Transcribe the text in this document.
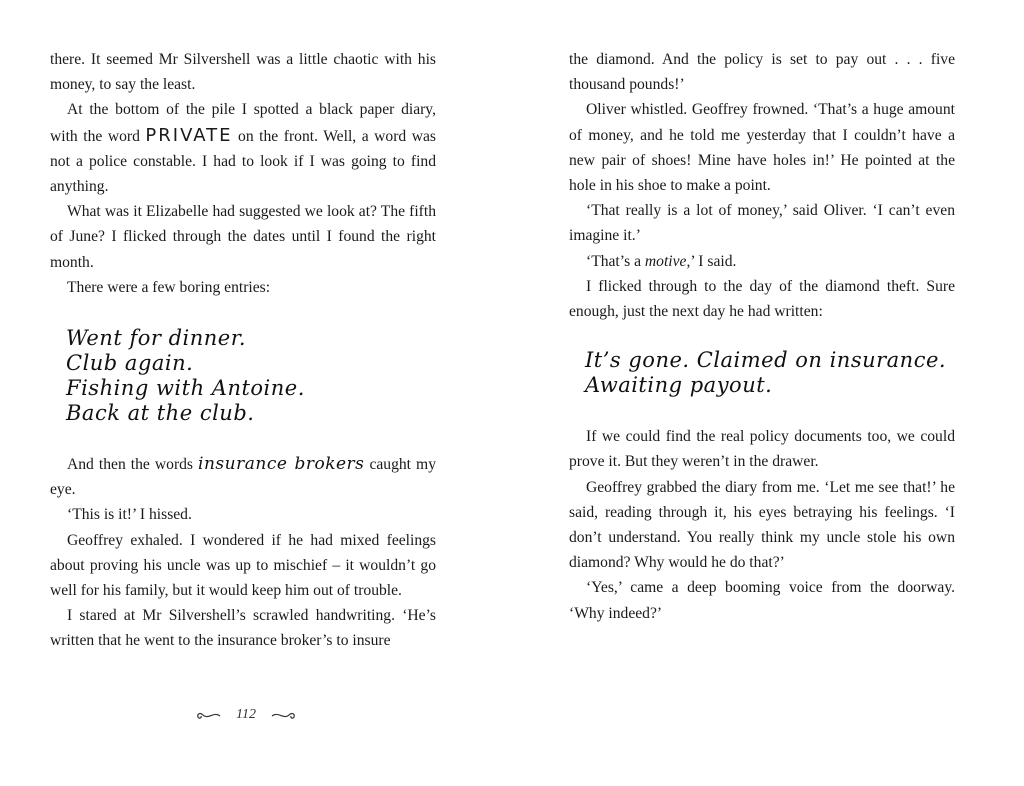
there. It seemed Mr Silvershell was a little chaotic with his money, to say the least.

At the bottom of the pile I spotted a black paper diary, with the word PRIVATE on the front. Well, a word was not a police constable. I had to look if I was going to find anything.

What was it Elizabelle had suggested we look at? The fifth of June? I flicked through the dates until I found the right month.

There were a few boring entries:

Went for dinner.
Club again.
Fishing with Antoine.
Back at the club.

And then the words insurance brokers caught my eye.

‘This is it!’ I hissed.

Geoffrey exhaled. I wondered if he had mixed feelings about proving his uncle was up to mischief – it wouldn’t go well for his family, but it would keep him out of trouble.

I stared at Mr Silvershell’s scrawled handwriting. ‘He’s written that he went to the insurance broker’s to insure

the diamond. And the policy is set to pay out . . . five thousand pounds!’

Oliver whistled. Geoffrey frowned. ‘That’s a huge amount of money, and he told me yesterday that I couldn’t have a new pair of shoes! Mine have holes in!’ He pointed at the hole in his shoe to make a point.

‘That really is a lot of money,’ said Oliver. ‘I can’t even imagine it.’

‘That’s a motive,’ I said.

I flicked through to the day of the diamond theft. Sure enough, just the next day he had written:

It’s gone. Claimed on insurance.
Awaiting payout.

If we could find the real policy documents too, we could prove it. But they weren’t in the drawer.

Geoffrey grabbed the diary from me. ‘Let me see that!’ he said, reading through it, his eyes betraying his feelings. ‘I don’t understand. You really think my uncle stole his own diamond? Why would he do that?’

‘Yes,’ came a deep booming voice from the doorway. ‘Why indeed?’

112
